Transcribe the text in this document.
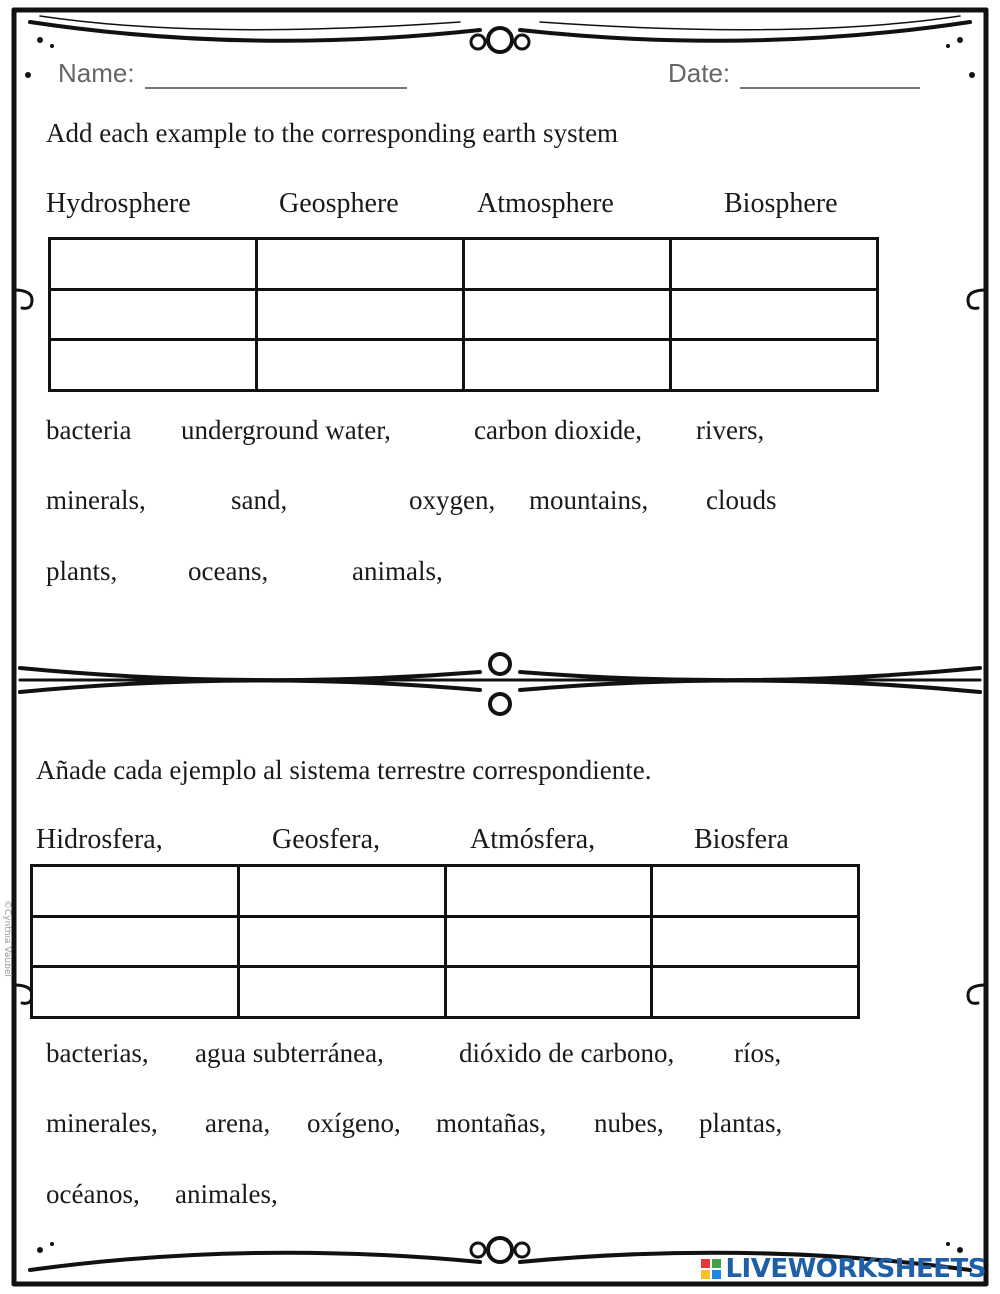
©Cynthia Vaubel
Name:	Date:
Add each example to the corresponding earth system
Hydrosphere	Geosphere	Atmosphere	Biosphere

bacteria underground water,	carbon dioxide, rivers,
minerals,	sand,	oxygen, mountains, clouds
plants,	oceans,	animals,
Añade cada ejemplo al sistema terrestre correspondiente.
Hidrosfera,	Geosfera,	Atmósfera,	Biosfera

bacterias, agua subterránea,	dióxido de carbono, ríos,
minerales, arena, oxígeno, montañas, nubes, plantas,
océanos, animales,
LIVEWORKSHEETS
